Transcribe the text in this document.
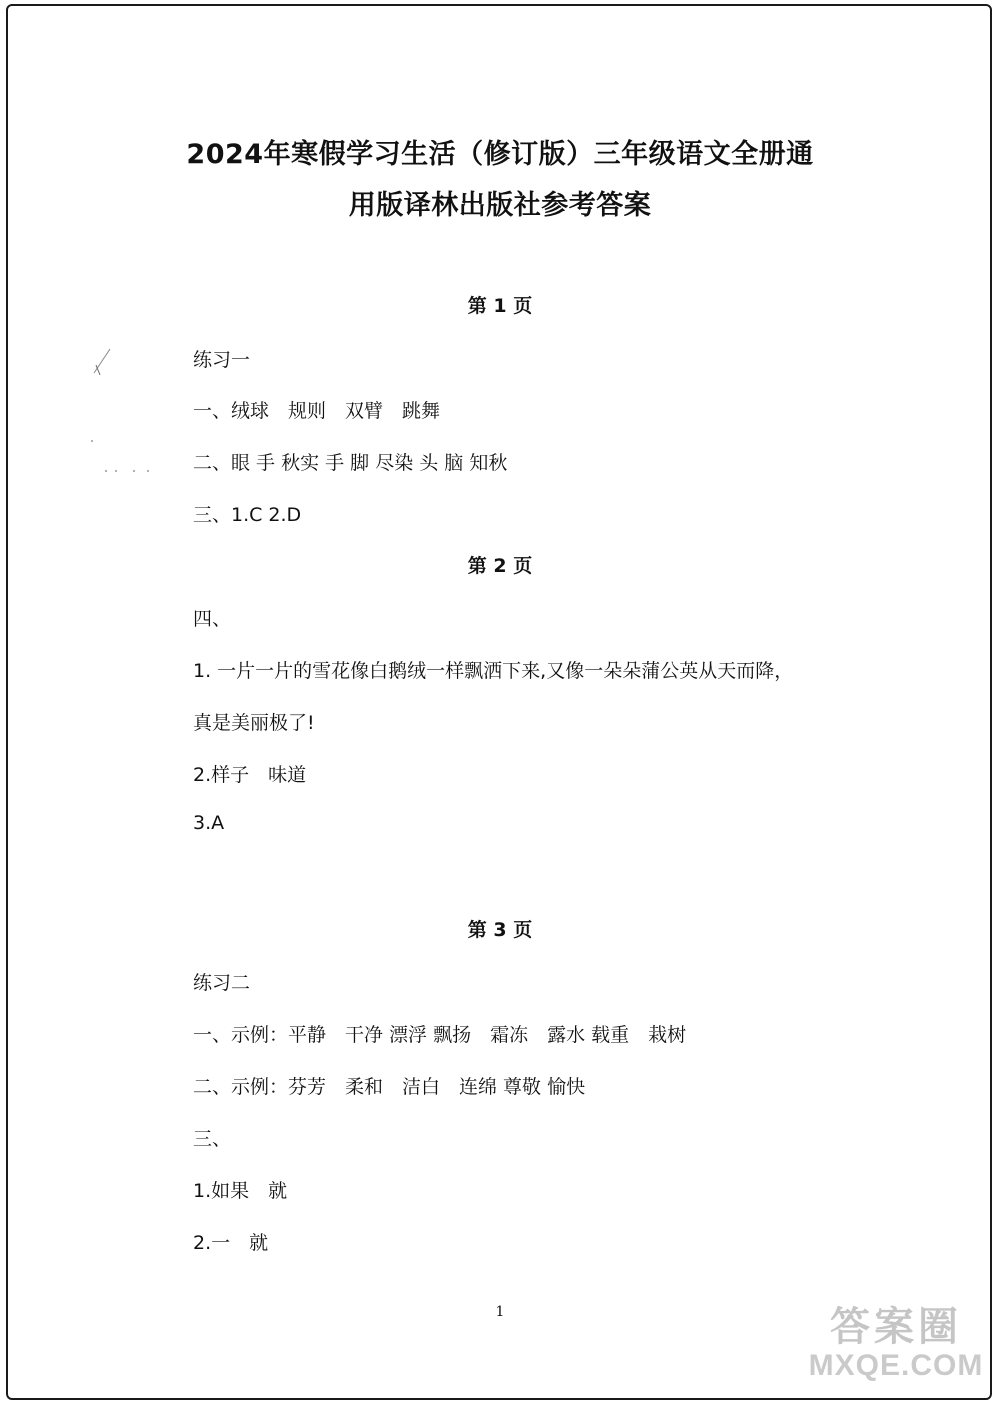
2024年寒假学习生活（修订版）三年级语文全册通
用版译林出版社参考答案
第 1 页
练习一
一、绒球　规则　双臂　跳舞
二、眼 手 秋实 手 脚 尽染 头 脑 知秋
三、1.C 2.D
第 2 页
四、
1. 一片一片的雪花像白鹅绒一样飘洒下来,又像一朵朵蒲公英从天而降，
真是美丽极了!
2.样子　味道
3.A
第 3 页
练习二
一、示例：平静　干净 漂浮 飘扬　霜冻　露水 载重　栽树
二、示例：芬芳　柔和　洁白　连绵 尊敬 愉快
三、
1.如果　就
2.一　就
1	答案圈
MXQE.COM
